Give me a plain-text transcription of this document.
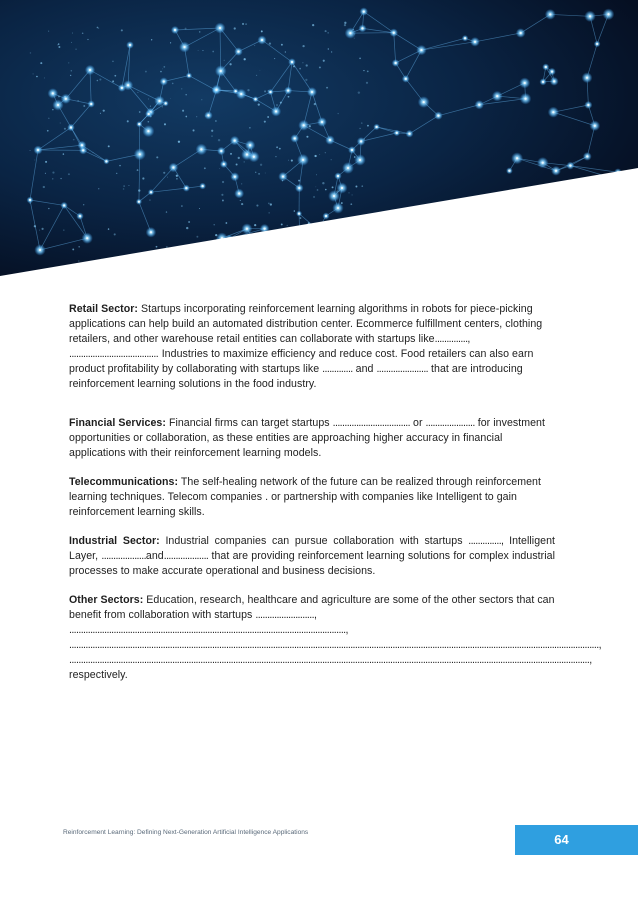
Retail Sector: Startups incorporating reinforcement learning algorithms in robots for piece-picking applications can help build an automated distribution center. Ecommerce fulfillment centers, clothing retailers, and other warehouse retail entities can collaborate with startups like.............., ...................................... Industries to maximize efficiency and reduce cost. Food retailers can also earn product profitability by collaborating with startups like ............. and ...................... that are introducing reinforcement learning solutions in the food industry.

Financial Services: Financial firms can target startups ................................. or ..................... for investment opportunities or collaboration, as these entities are approaching higher accuracy in financial applications with their reinforcement learning models.

Telecommunications: The self-healing network of the future can be realized through reinforcement learning techniques. Telecom companies . or partnership with companies like Intelligent to gain reinforcement learning skills.

Industrial Sector: Industrial companies can pursue collaboration with startups .............., Intelligent Layer, ...................and................... that are providing reinforcement learning solutions for complex industrial processes to make accurate operational and business decisions.

Other Sectors: Education, research, healthcare and agriculture are some of the other sectors that can benefit from collaboration with startups .........................,
......................................................................................................................,
..................................................................................................................................................................................................................................,
.............................................................................................................................................................................................................................., respectively.

Reinforcement Learning: Defining Next-Generation Artificial Intelligence Applications	64
